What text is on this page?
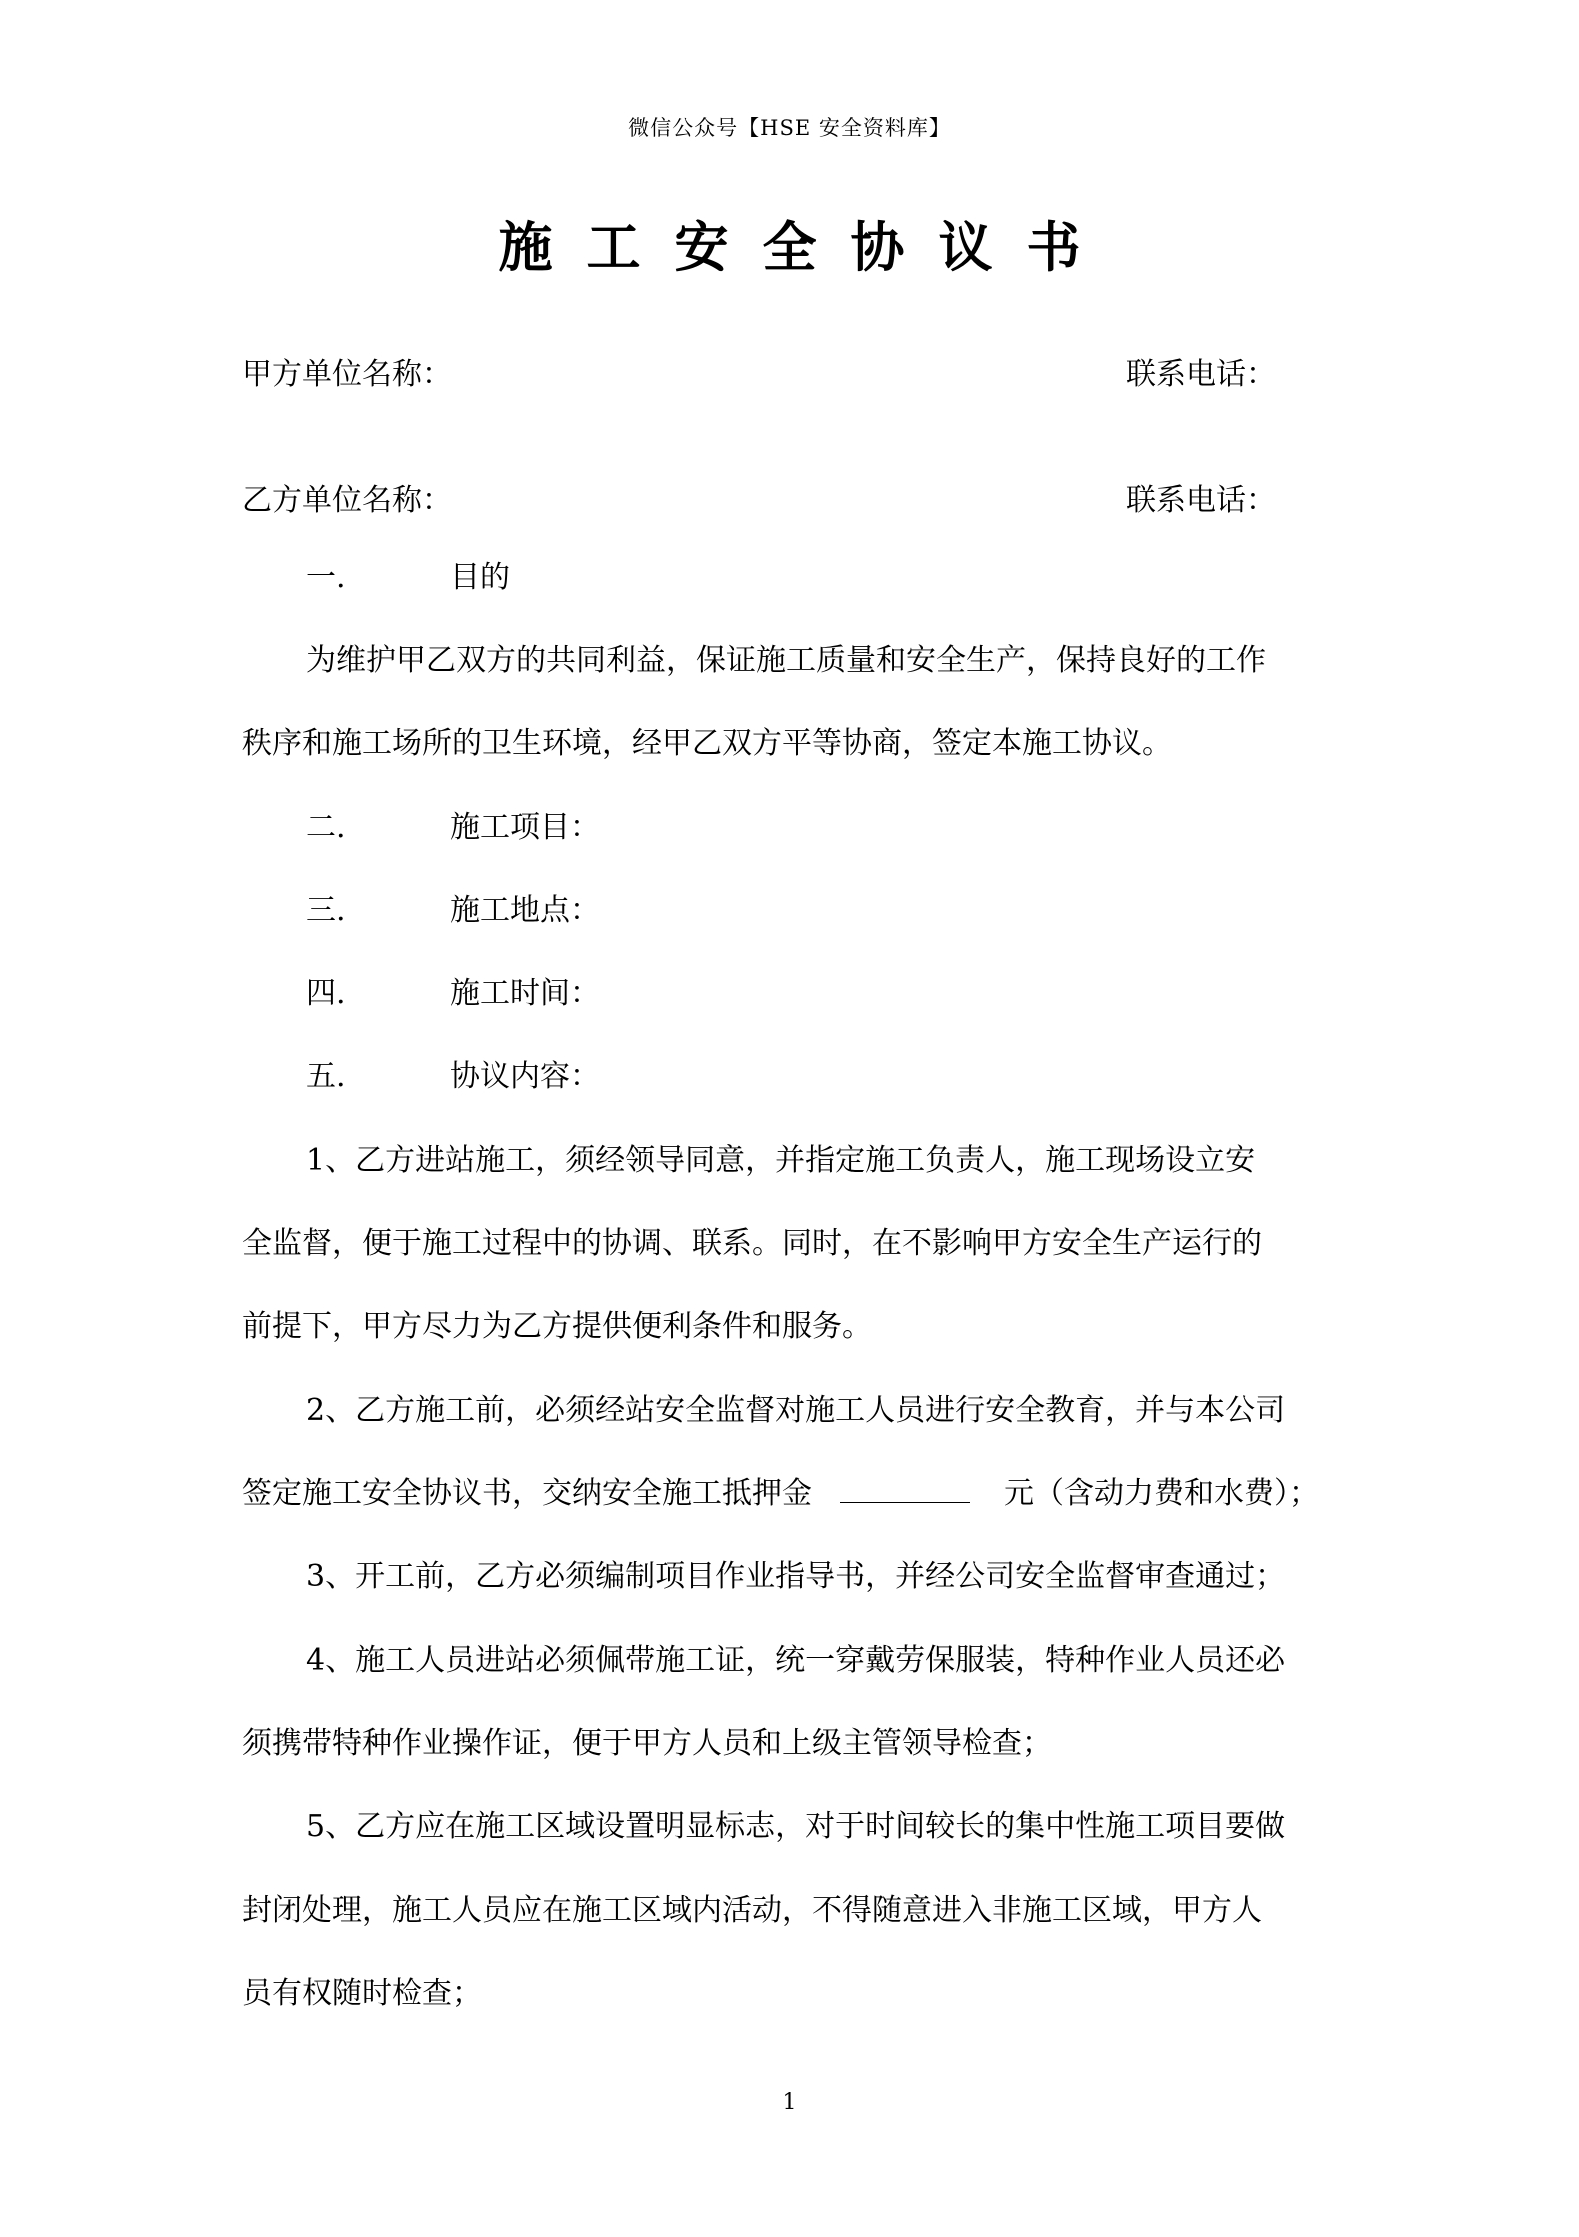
微信公众号【HSE 安全资料库】
施工安全协议书
甲方单位名称：	联系电话：
乙方单位名称：	联系电话：
一.	目的
为维护甲乙双方的共同利益，保证施工质量和安全生产，保持良好的工作
秩序和施工场所的卫生环境，经甲乙双方平等协商，签定本施工协议。
二.	施工项目：
三.	施工地点：
四.	施工时间：
五.	协议内容：
1、乙方进站施工，须经领导同意，并指定施工负责人，施工现场设立安
全监督，便于施工过程中的协调、联系。同时，在不影响甲方安全生产运行的
前提下，甲方尽力为乙方提供便利条件和服务。
2、乙方施工前，必须经站安全监督对施工人员进行安全教育，并与本公司
签定施工安全协议书，交纳安全施工抵押金	元（含动力费和水费）；
3、开工前，乙方必须编制项目作业指导书，并经公司安全监督审查通过；
4、施工人员进站必须佩带施工证，统一穿戴劳保服装，特种作业人员还必
须携带特种作业操作证，便于甲方人员和上级主管领导检查；
5、乙方应在施工区域设置明显标志，对于时间较长的集中性施工项目要做
封闭处理，施工人员应在施工区域内活动，不得随意进入非施工区域，甲方人
员有权随时检查；
1
